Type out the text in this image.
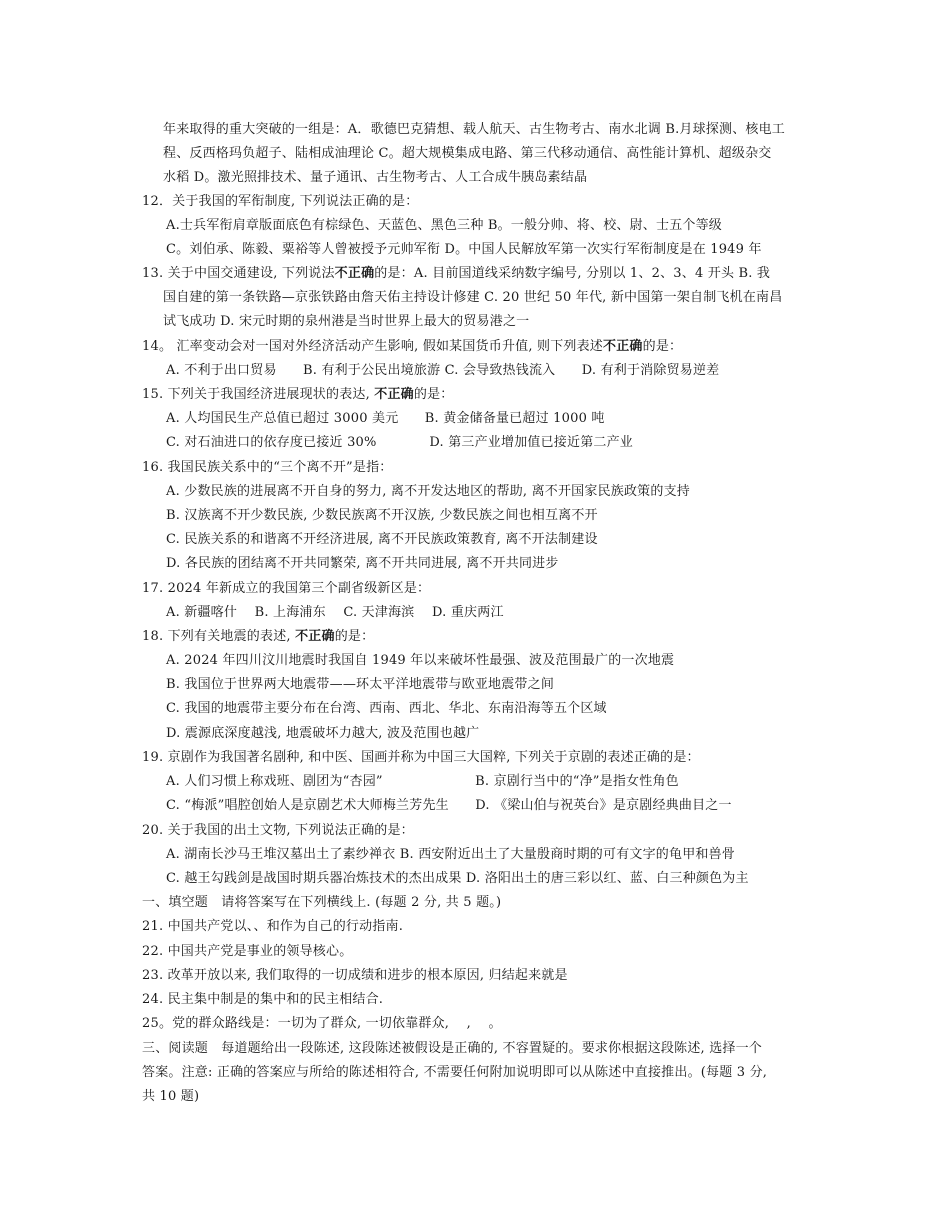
年来取得的重大突破的一组是：A．歌德巴克猜想、载人航天、古生物考古、南水北调 B.月球探测、核电工
程、反西格玛负超子、陆相成油理论 C。超大规模集成电路、第三代移动通信、高性能计算机、超级杂交
水稻 D。激光照排技术、量子通讯、古生物考古、人工合成牛胰岛素结晶
12．关于我国的军衔制度, 下列说法正确的是：
A.士兵军衔肩章版面底色有棕绿色、天蓝色、黑色三种 B。一般分帅、将、校、尉、士五个等级
C。刘伯承、陈毅、粟裕等人曾被授予元帅军衔 D。中国人民解放军第一次实行军衔制度是在 1949 年
13. 关于中国交通建设, 下列说法不正确的是：A. 目前国道线采纳数字编号, 分别以 1、2、3、4 开头 B. 我
国自建的第一条铁路—京张铁路由詹天佑主持设计修建 C. 20 世纪 50 年代, 新中国第一架自制飞机在南昌
试飞成功 D. 宋元时期的泉州港是当时世界上最大的贸易港之一
14。 汇率变动会对一国对外经济活动产生影响, 假如某国货币升值, 则下列表述不正确的是：
A. 不利于出口贸易　　B. 有利于公民出境旅游 C. 会导致热钱流入　　D. 有利于消除贸易逆差
15. 下列关于我国经济进展现状的表达, 不正确的是：
A. 人均国民生产总值已超过 3000 美元　　B. 黄金储备量已超过 1000 吨
C. 对石油进口的依存度已接近 30%　　　　D. 第三产业增加值已接近第二产业
16. 我国民族关系中的“三个离不开”是指：
A. 少数民族的进展离不开自身的努力, 离不开发达地区的帮助, 离不开国家民族政策的支持
B. 汉族离不开少数民族, 少数民族离不开汉族, 少数民族之间也相互离不开
C. 民族关系的和谐离不开经济进展, 离不开民族政策教育, 离不开法制建设
D. 各民族的团结离不开共同繁荣, 离不开共同进展, 离不开共同进步
17. 2024 年新成立的我国第三个副省级新区是：
A. 新疆喀什　 B. 上海浦东　 C. 天津海滨　 D. 重庆两江
18. 下列有关地震的表述, 不正确的是：
A. 2024 年四川汶川地震时我国自 1949 年以来破坏性最强、波及范围最广的一次地震
B. 我国位于世界两大地震带——环太平洋地震带与欧亚地震带之间
C. 我国的地震带主要分布在台湾、西南、西北、华北、东南沿海等五个区域
D. 震源底深度越浅, 地震破坏力越大, 波及范围也越广
19. 京剧作为我国著名剧种, 和中医、国画并称为中国三大国粹, 下列关于京剧的表述正确的是：
A. 人们习惯上称戏班、剧团为“杏园”　　　　　　　B. 京剧行当中的“净”是指女性角色
C. “梅派”唱腔创始人是京剧艺术大师梅兰芳先生　　D. 《梁山伯与祝英台》是京剧经典曲目之一
20. 关于我国的出土文物, 下列说法正确的是：
A. 湖南长沙马王堆汉墓出土了素纱禅衣 B. 西安附近出土了大量殷商时期的可有文字的龟甲和兽骨
C. 越王勾践剑是战国时期兵器冶炼技术的杰出成果 D. 洛阳出土的唐三彩以红、蓝、白三种颜色为主
一、填空题　请将答案写在下列横线上. (每题 2 分, 共 5 题。)
21. 中国共产党以、、和作为自己的行动指南.
22. 中国共产党是事业的领导核心。
23. 改革开放以来, 我们取得的一切成绩和进步的根本原因, 归结起来就是
24. 民主集中制是的集中和的民主相结合.
25。党的群众路线是：一切为了群众, 一切依靠群众,　 ,　 。
三、阅读题　每道题给出一段陈述, 这段陈述被假设是正确的, 不容置疑的。要求你根据这段陈述, 选择一个
答案。注意: 正确的答案应与所给的陈述相符合, 不需要任何附加说明即可以从陈述中直接推出。(每题 3 分,
共 10 题)
